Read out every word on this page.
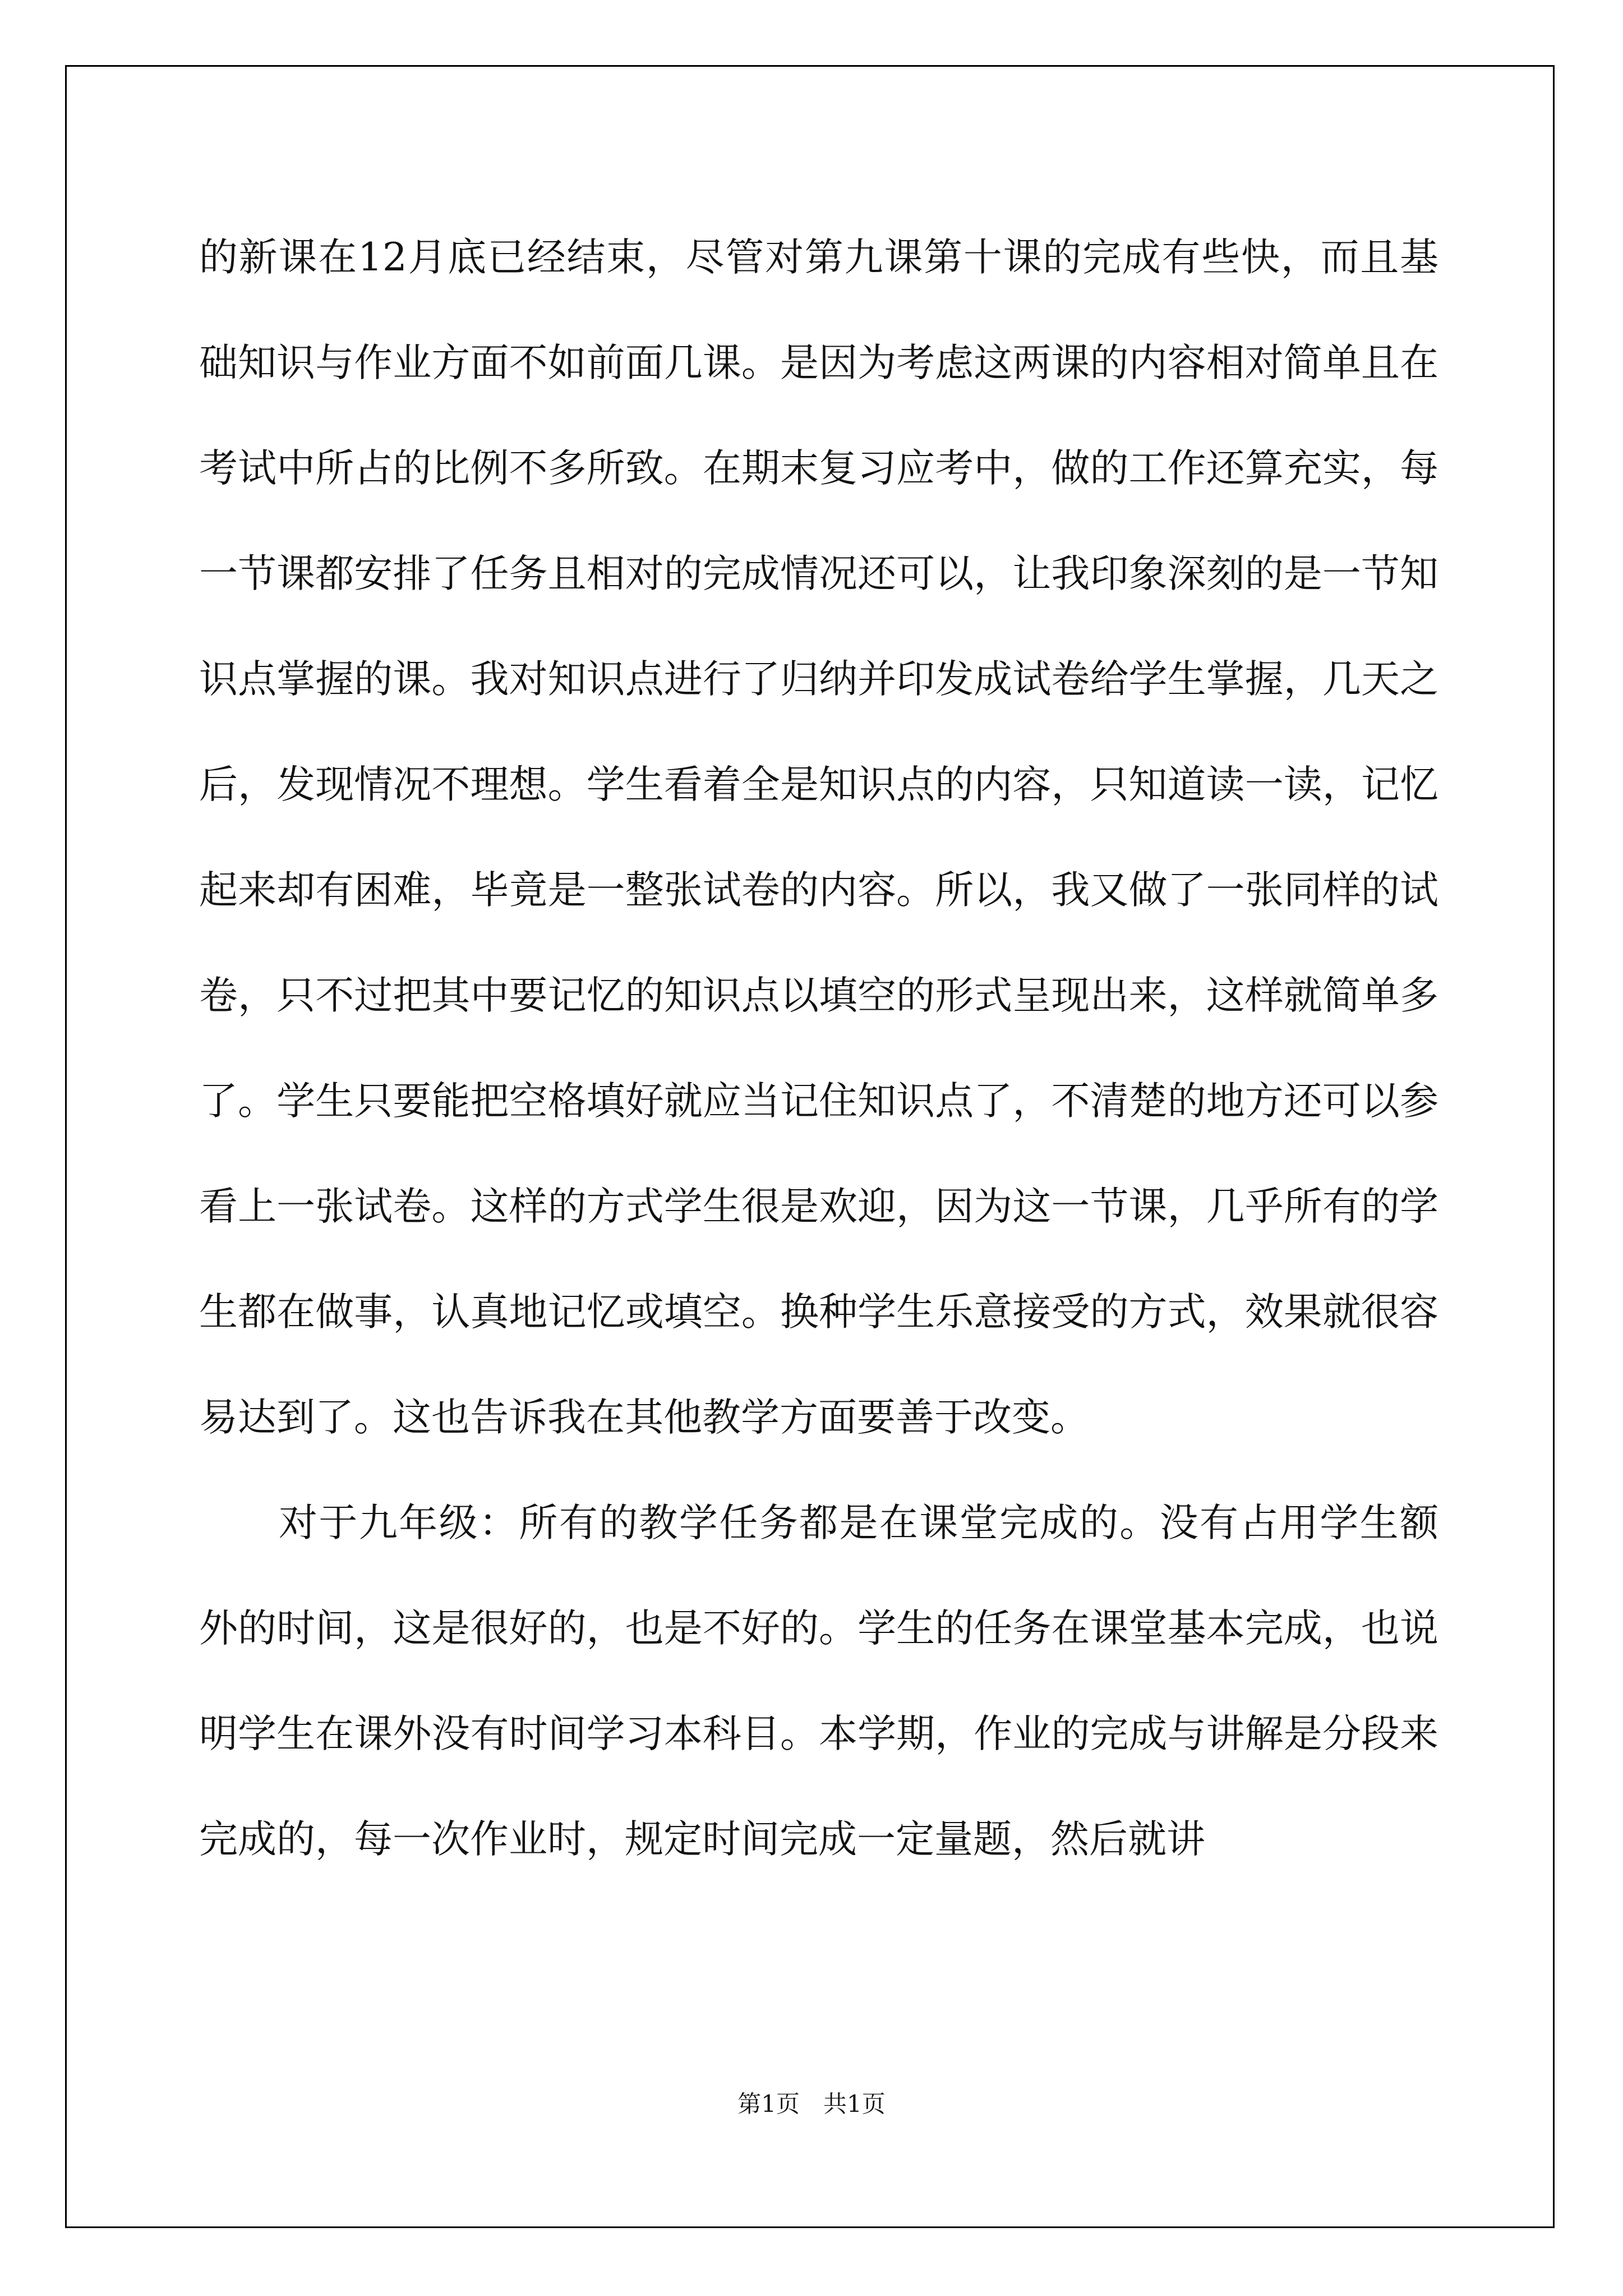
的新课在12月底已经结束，尽管对第九课第十课的完成有些快，而且基础知识与作业方面不如前面几课。是因为考虑这两课的内容相对简单且在考试中所占的比例不多所致。在期末复习应考中，做的工作还算充实，每一节课都安排了任务且相对的完成情况还可以，让我印象深刻的是一节知识点掌握的课。我对知识点进行了归纳并印发成试卷给学生掌握，几天之后，发现情况不理想。学生看着全是知识点的内容，只知道读一读，记忆起来却有困难，毕竟是一整张试卷的内容。所以，我又做了一张同样的试卷，只不过把其中要记忆的知识点以填空的形式呈现出来，这样就简单多了。学生只要能把空格填好就应当记住知识点了，不清楚的地方还可以参看上一张试卷。这样的方式学生很是欢迎，因为这一节课，几乎所有的学生都在做事，认真地记忆或填空。换种学生乐意接受的方式，效果就很容易达到了。这也告诉我在其他教学方面要善于改变。

对于九年级：所有的教学任务都是在课堂完成的。没有占用学生额外的时间，这是很好的，也是不好的。学生的任务在课堂基本完成，也说明学生在课外没有时间学习本科目。本学期，作业的完成与讲解是分段来完成的，每一次作业时，规定时间完成一定量题，然后就讲

第1页　共1页
